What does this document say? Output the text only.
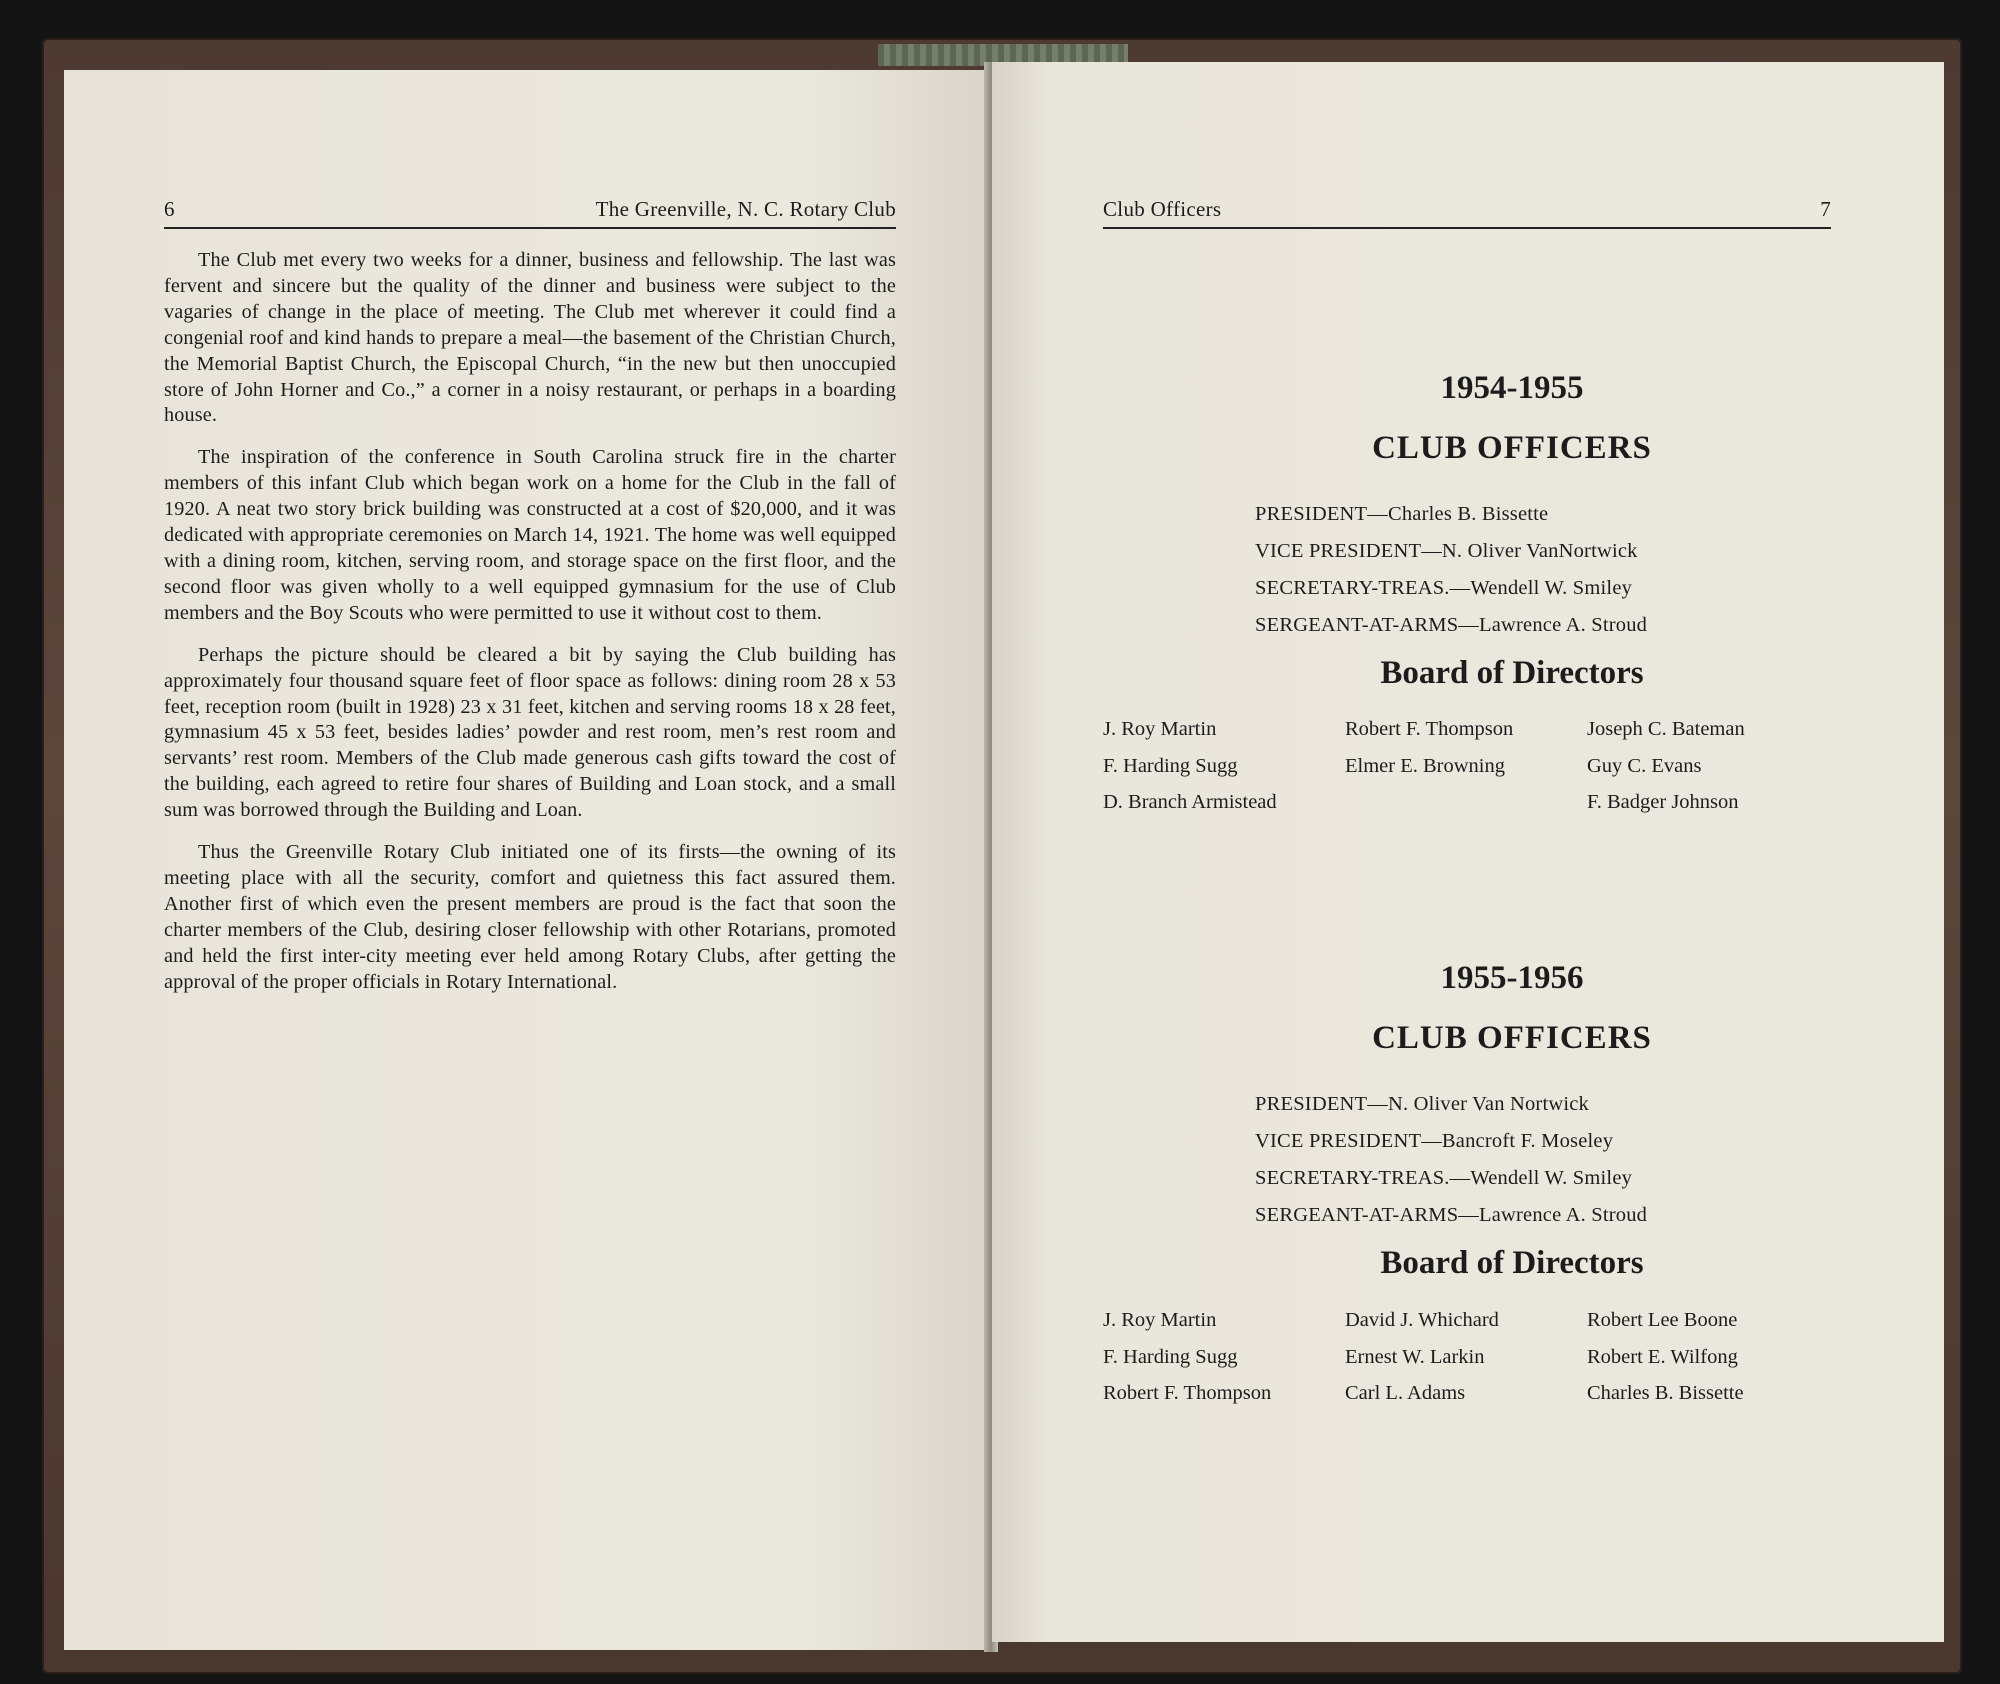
6	The Greenville, N. C. Rotary Club

The Club met every two weeks for a dinner, business and fellowship. The last was fervent and sincere but the quality of the dinner and business were subject to the vagaries of change in the place of meeting. The Club met wherever it could find a congenial roof and kind hands to prepare a meal—the basement of the Christian Church, the Memorial Baptist Church, the Episcopal Church, “in the new but then unoccupied store of John Horner and Co.,” a corner in a noisy restaurant, or perhaps in a boarding house.

The inspiration of the conference in South Carolina struck fire in the charter members of this infant Club which began work on a home for the Club in the fall of 1920. A neat two story brick building was constructed at a cost of $20,000, and it was dedicated with appropriate ceremonies on March 14, 1921. The home was well equipped with a dining room, kitchen, serving room, and storage space on the first floor, and the second floor was given wholly to a well equipped gymnasium for the use of Club members and the Boy Scouts who were permitted to use it without cost to them.

Perhaps the picture should be cleared a bit by saying the Club building has approximately four thousand square feet of floor space as follows: dining room 28 x 53 feet, reception room (built in 1928) 23 x 31 feet, kitchen and serving rooms 18 x 28 feet, gymnasium 45 x 53 feet, besides ladies’ powder and rest room, men’s rest room and servants’ rest room. Members of the Club made generous cash gifts toward the cost of the building, each agreed to retire four shares of Building and Loan stock, and a small sum was borrowed through the Building and Loan.

Thus the Greenville Rotary Club initiated one of its firsts—the owning of its meeting place with all the security, comfort and quietness this fact assured them. Another first of which even the present members are proud is the fact that soon the charter members of the Club, desiring closer fellowship with other Rotarians, promoted and held the first inter-city meeting ever held among Rotary Clubs, after getting the approval of the proper officials in Rotary International.

Club Officers	7
1954-1955
CLUB OFFICERS
PRESIDENT—Charles B. Bissette
VICE PRESIDENT—N. Oliver VanNortwick
SECRETARY-TREAS.—Wendell W. Smiley
SERGEANT-AT-ARMS—Lawrence A. Stroud
Board of Directors
J. Roy Martin
F. Harding Sugg
D. Branch Armistead
Robert F. Thompson
Elmer E. Browning
Joseph C. Bateman
Guy C. Evans
F. Badger Johnson
1955-1956
CLUB OFFICERS
PRESIDENT—N. Oliver Van Nortwick
VICE PRESIDENT—Bancroft F. Moseley
SECRETARY-TREAS.—Wendell W. Smiley
SERGEANT-AT-ARMS—Lawrence A. Stroud
Board of Directors
J. Roy Martin
F. Harding Sugg
Robert F. Thompson
David J. Whichard
Ernest W. Larkin
Carl L. Adams
Robert Lee Boone
Robert E. Wilfong
Charles B. Bissette
